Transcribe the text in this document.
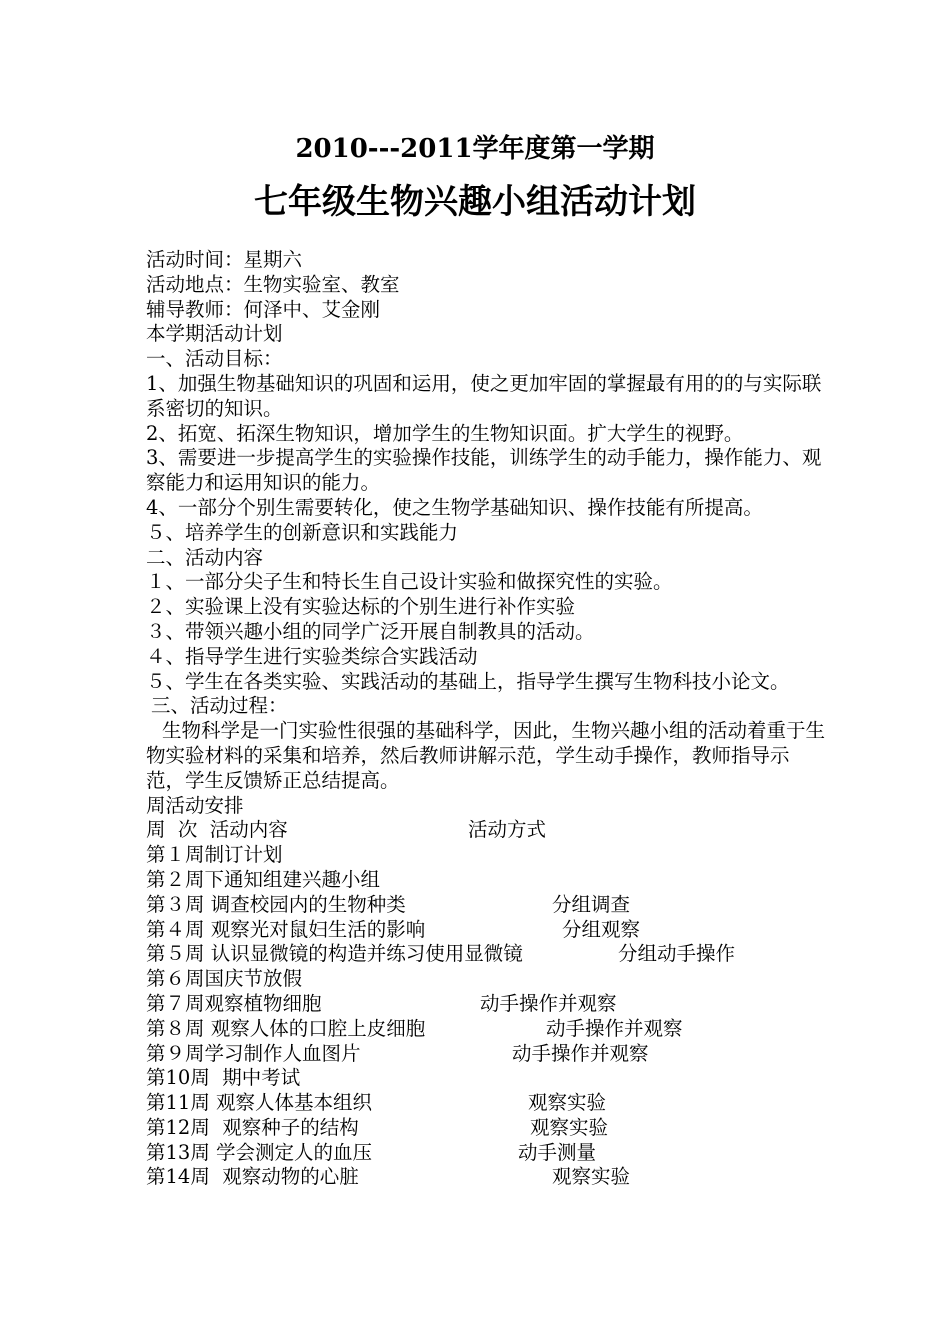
2010---2011学年度第一学期
七年级生物兴趣小组活动计划
活动时间：星期六
活动地点：生物实验室、教室
辅导教师：何泽中、艾金刚
本学期活动计划
一、活动目标：
1、加强生物基础知识的巩固和运用，使之更加牢固的掌握最有用的的与实际联系密切的知识。
2、拓宽、拓深生物知识，增加学生的生物知识面。扩大学生的视野。
3、需要进一步提高学生的实验操作技能，训练学生的动手能力，操作能力、观察能力和运用知识的能力。
4、一部分个别生需要转化，使之生物学基础知识、操作技能有所提高。
５、培养学生的创新意识和实践能力
二、活动内容
１、一部分尖子生和特长生自己设计实验和做探究性的实验。
２、实验课上没有实验达标的个别生进行补作实验
３、带领兴趣小组的同学广泛开展自制教具的活动。
４、指导学生进行实验类综合实践活动
５、学生在各类实验、实践活动的基础上，指导学生撰写生物科技小论文。
三、活动过程：
生物科学是一门实验性很强的基础科学，因此，生物兴趣小组的活动着重于生物实验材料的采集和培养，然后教师讲解示范，学生动手操作，教师指导示范，学生反馈矫正总结提高。
周活动安排
周  次  活动内容	活动方式
第１周制订计划
第２周下通知组建兴趣小组
第３周 调查校园内的生物种类	分组调查
第４周 观察光对鼠妇生活的影响	分组观察
第５周 认识显微镜的构造并练习使用显微镜	分组动手操作
第６周国庆节放假
第７周观察植物细胞	动手操作并观察
第８周 观察人体的口腔上皮细胞	动手操作并观察
第９周学习制作人血图片	动手操作并观察
第10周  期中考试
第11周 观察人体基本组织	观察实验
第12周  观察种子的结构	观察实验
第13周 学会测定人的血压	动手测量
第14周  观察动物的心脏	观察实验
